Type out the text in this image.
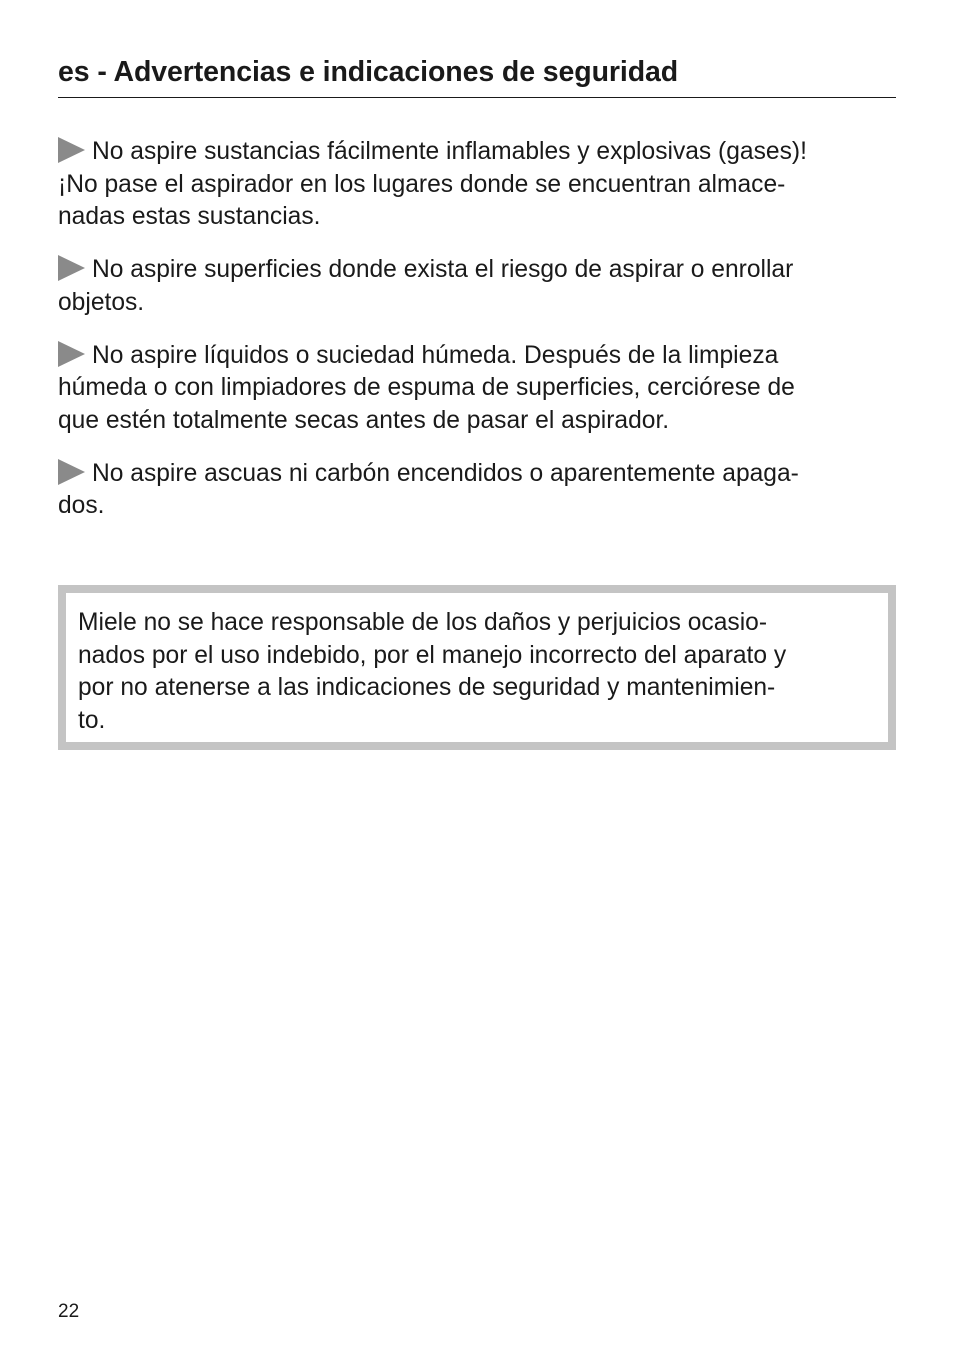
es - Advertencias e indicaciones de seguridad

No aspire sustancias fácilmente inflamables y explosivas (gases)!
¡No pase el aspirador en los lugares donde se encuentran almace-
nadas estas sustancias.

No aspire superficies donde exista el riesgo de aspirar o enrollar
objetos.

No aspire líquidos o suciedad húmeda. Después de la limpieza
húmeda o con limpiadores de espuma de superficies, cerciórese de
que estén totalmente secas antes de pasar el aspirador.

No aspire ascuas ni carbón encendidos o aparentemente apaga-
dos.

Miele no se hace responsable de los daños y perjuicios ocasio-
nados por el uso indebido, por el manejo incorrecto del aparato y
por no atenerse a las indicaciones de seguridad y mantenimien-
to.

22
